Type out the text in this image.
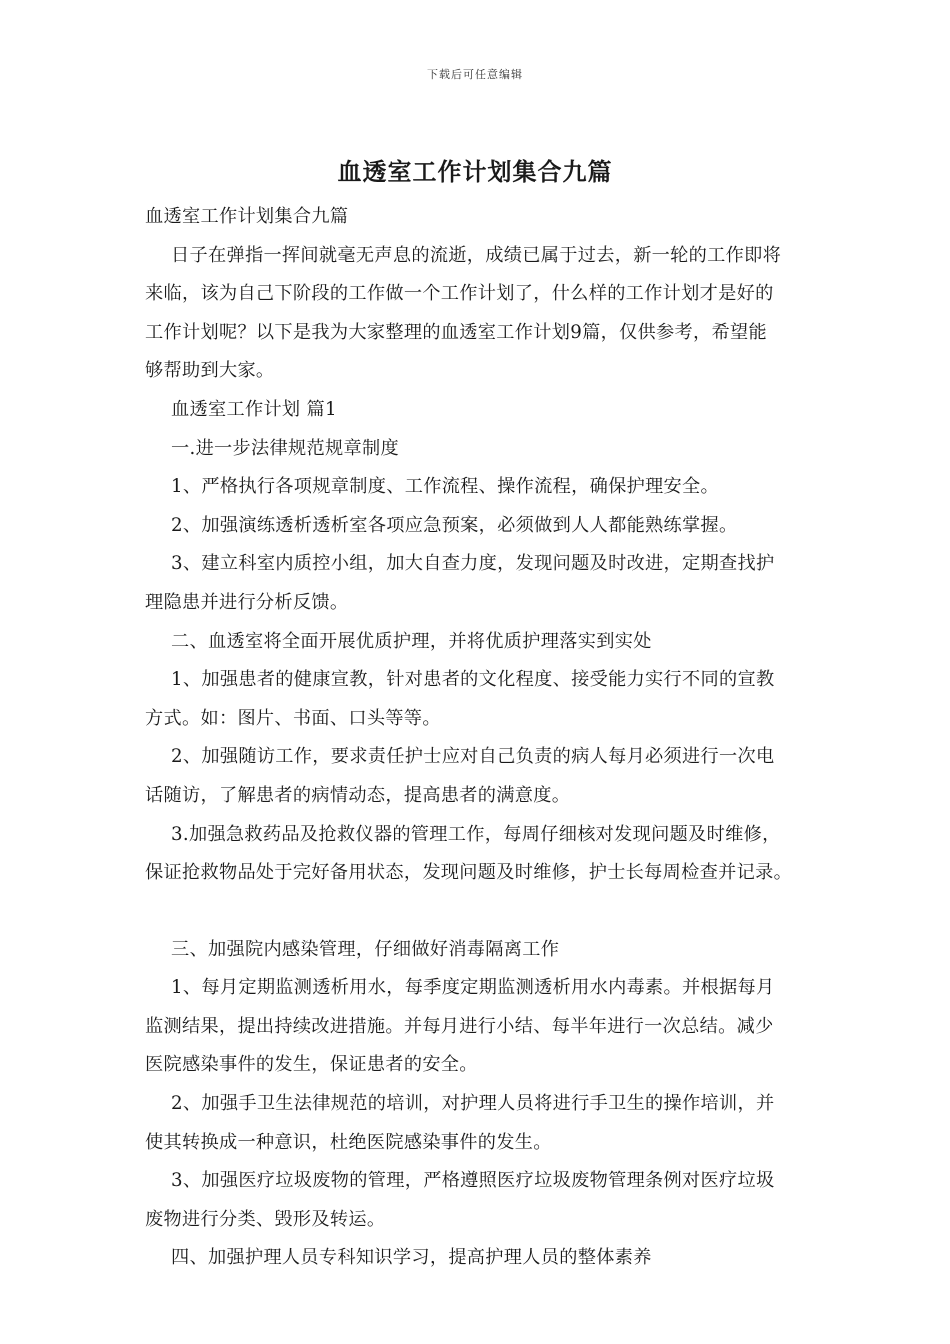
下载后可任意编辑
血透室工作计划集合九篇

血透室工作计划集合九篇

日子在弹指一挥间就毫无声息的流逝，成绩已属于过去，新一轮的工作即将

来临，该为自己下阶段的工作做一个工作计划了，什么样的工作计划才是好的

工作计划呢？以下是我为大家整理的血透室工作计划9篇，仅供参考，希望能

够帮助到大家。

血透室工作计划 篇1

一.进一步法律规范规章制度

1、严格执行各项规章制度、工作流程、操作流程，确保护理安全。

2、加强演练透析透析室各项应急预案，必须做到人人都能熟练掌握。

3、建立科室内质控小组，加大自查力度，发现问题及时改进，定期查找护

理隐患并进行分析反馈。

二、血透室将全面开展优质护理，并将优质护理落实到实处

1、加强患者的健康宣教，针对患者的文化程度、接受能力实行不同的宣教

方式。如：图片、书面、口头等等。

2、加强随访工作，要求责任护士应对自己负责的病人每月必须进行一次电

话随访，了解患者的病情动态，提高患者的满意度。

3.加强急救药品及抢救仪器的管理工作，每周仔细核对发现问题及时维修，

保证抢救物品处于完好备用状态，发现问题及时维修，护士长每周检查并记录。

三、加强院内感染管理，仔细做好消毒隔离工作

1、每月定期监测透析用水，每季度定期监测透析用水内毒素。并根据每月

监测结果，提出持续改进措施。并每月进行小结、每半年进行一次总结。减少

医院感染事件的发生，保证患者的安全。

2、加强手卫生法律规范的培训，对护理人员将进行手卫生的操作培训，并

使其转换成一种意识，杜绝医院感染事件的发生。

3、加强医疗垃圾废物的管理，严格遵照医疗垃圾废物管理条例对医疗垃圾

废物进行分类、毁形及转运。

四、加强护理人员专科知识学习，提高护理人员的整体素养
